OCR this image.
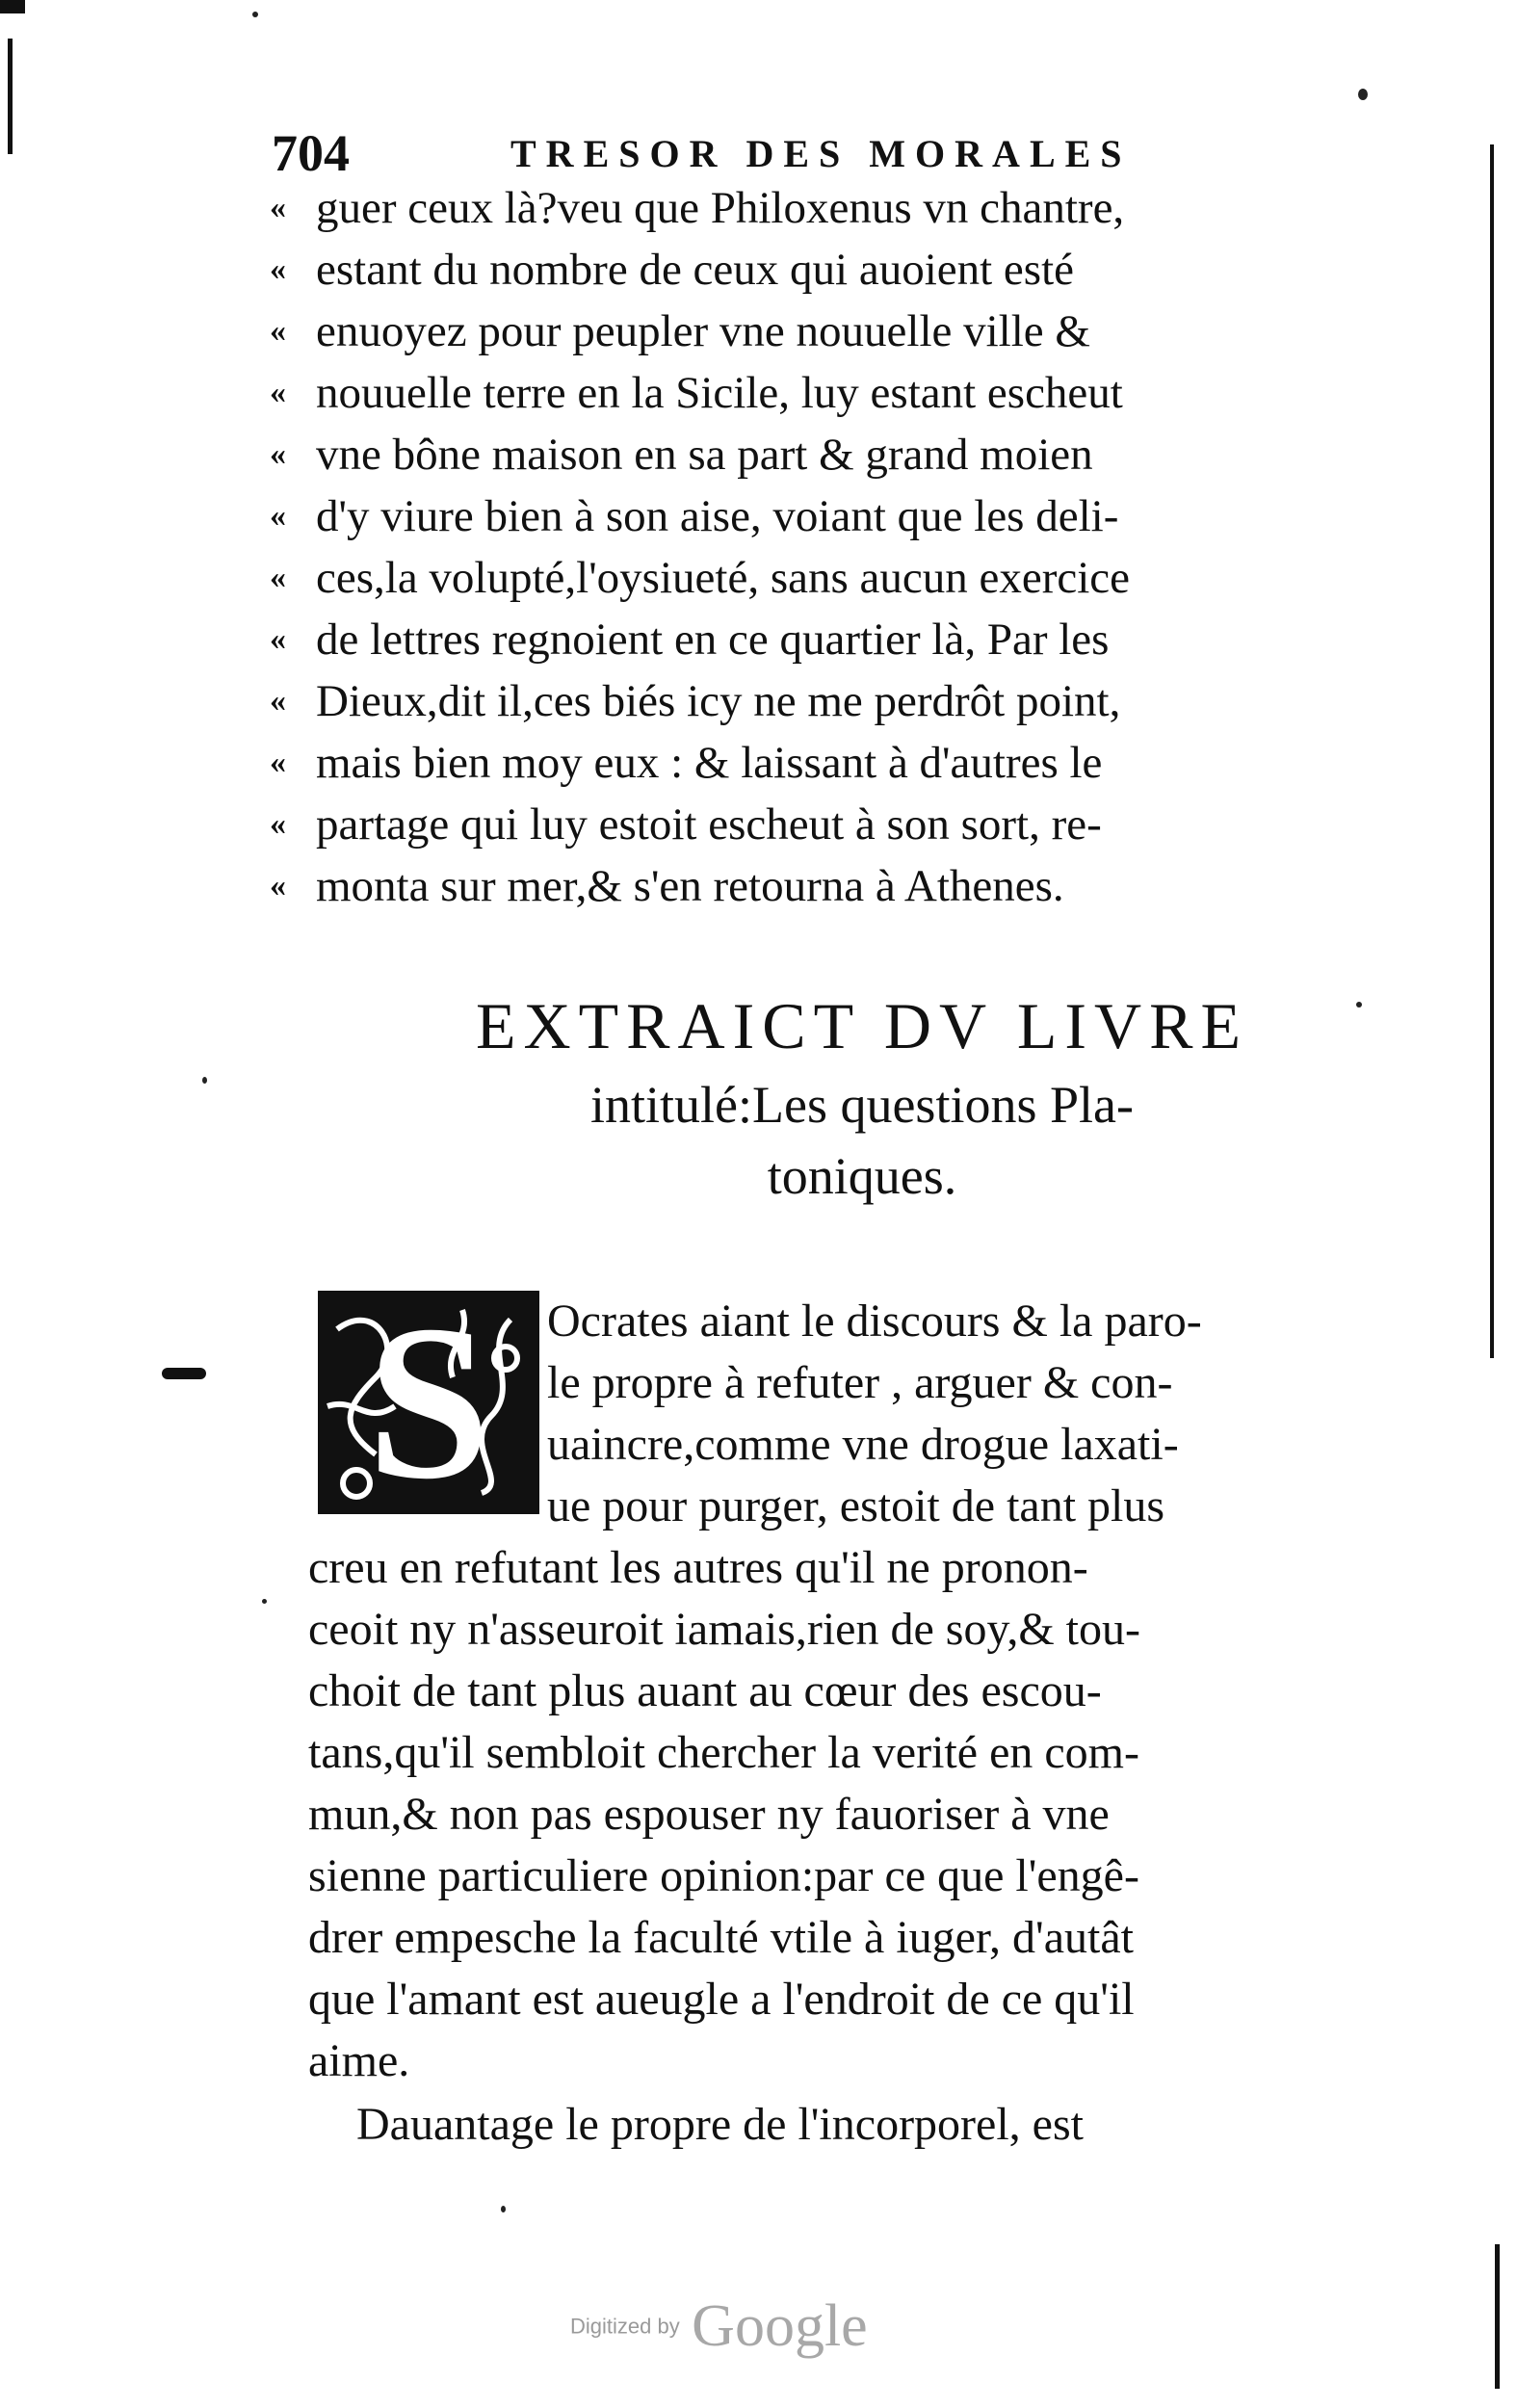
704	TRESOR DES MORALES
« guer ceux là?veu que Philoxenus vn chantre,
« estant du nombre de ceux qui auoient esté
« enuoyez pour peupler vne nouuelle ville &
« nouuelle terre en la Sicile, luy estant escheut
« vne bône maison en sa part & grand moien
« d'y viure bien à son aise, voiant que les deli-
« ces,la volupté,l'oysiueté, sans aucun exercice
« de lettres regnoient en ce quartier là, Par les
« Dieux,dit il,ces biés icy ne me perdrôt point,
« mais bien moy eux : & laissant à d'autres le
« partage qui luy estoit escheut à son sort, re-
« monta sur mer,& s'en retourna à Athenes.
EXTRAICT DV LIVRE
intitulé:Les questions Pla-
toniques.
S	Ocrates aiant le discours & la paro-
le propre à refuter , arguer & con-
uaincre,comme vne drogue laxati-
ue pour purger, estoit de tant plus
creu en refutant les autres qu'il ne pronon-
ceoit ny n'asseuroit iamais,rien de soy,& tou-
choit de tant plus auant au cœur des escou-
tans,qu'il sembloit chercher la verité en com-
mun,& non pas espouser ny fauoriser à vne
sienne particuliere opinion:par ce que l'engê-
drer empesche la faculté vtile à iuger, d'autât
que l'amant est aueugle a l'endroit de ce qu'il
aime.
Dauantage le propre de l'incorporel, est
Digitized by Google
